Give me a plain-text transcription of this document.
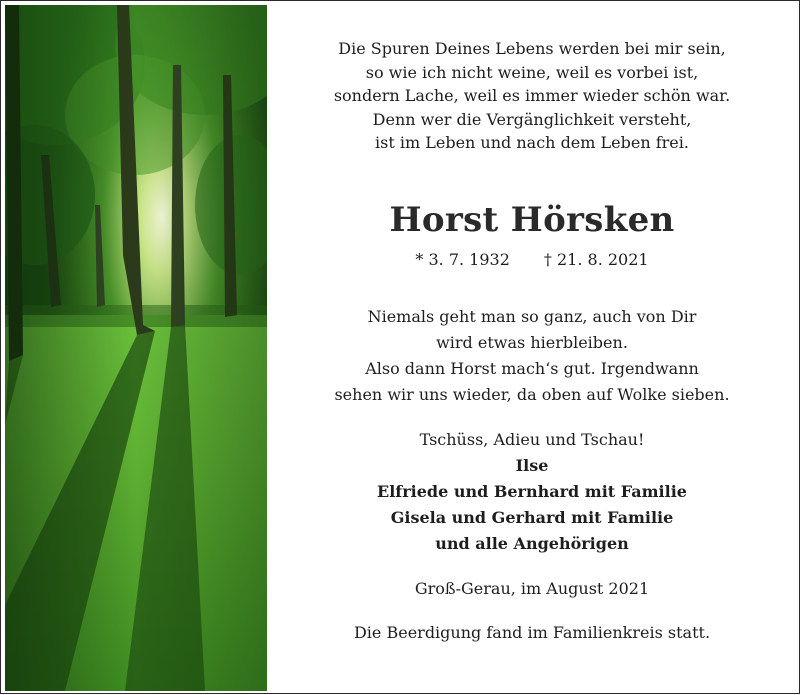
Die Spuren Deines Lebens werden bei mir sein,
so wie ich nicht weine, weil es vorbei ist,
sondern Lache, weil es immer wieder schön war.
Denn wer die Vergänglichkeit versteht,
ist im Leben und nach dem Leben frei.
Horst Hörsken
* 3. 7. 1932 † 21. 8. 2021
Niemals geht man so ganz, auch von Dir
wird etwas hierbleiben.
Also dann Horst mach‘s gut. Irgendwann
sehen wir uns wieder, da oben auf Wolke sieben.
Tschüss, Adieu und Tschau!
Ilse
Elfriede und Bernhard mit Familie
Gisela und Gerhard mit Familie
und alle Angehörigen
Groß-Gerau, im August 2021
Die Beerdigung fand im Familienkreis statt.
